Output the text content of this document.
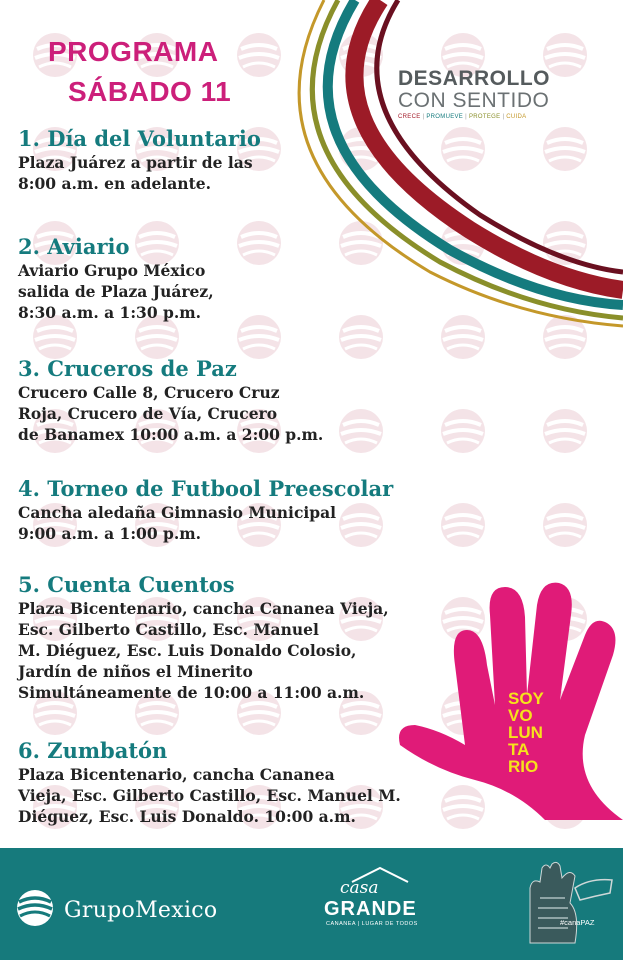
PROGRAMA
SÁBADO 11	DESARROLLO
CON SENTIDO
CRECE | PROMUEVE | PROTEGE | CUIDA
1. Día del Voluntario

Plaza Juárez a partir de las
8:00 a.m. en adelante.

2. Aviario

Aviario Grupo México
salida de Plaza Juárez,
8:30 a.m. a 1:30 p.m.

3. Cruceros de Paz

Crucero Calle 8, Crucero Cruz
Roja, Crucero de Vía, Crucero
de Banamex 10:00 a.m. a 2:00 p.m.

4. Torneo de Futbool Preescolar

Cancha aledaña Gimnasio Municipal
9:00 a.m. a 1:00 p.m.

5. Cuenta Cuentos

Plaza Bicentenario, cancha Cananea Vieja,
Esc. Gilberto Castillo, Esc. Manuel
M. Diéguez, Esc. Luis Donaldo Colosio,
Jardín de niños el Minerito
Simultáneamente de 10:00 a 11:00 a.m.

6. Zumbatón

Plaza Bicentenario, cancha Cananea
Vieja, Esc. Gilberto Castillo, Esc. Manuel M.
Diéguez, Esc. Luis Donaldo. 10:00 a.m.

SOY
VO
LUN
TA
RIO
GrupoMexico
casa
GRANDE
CANANEA | LUGAR DE TODOS	#canaPAZ
